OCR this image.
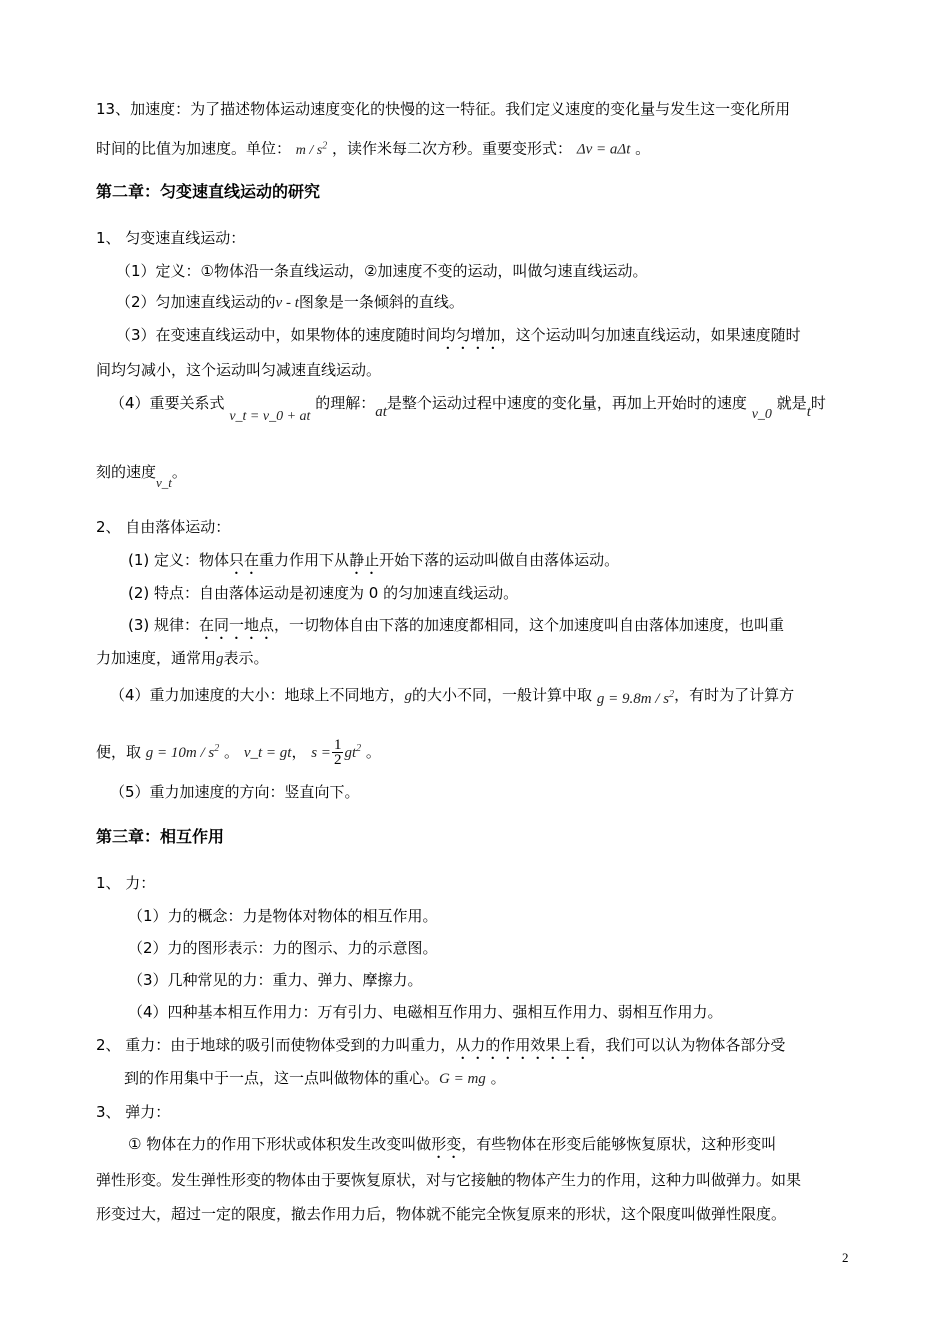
13、加速度：为了描述物体运动速度变化的快慢的这一特征。我们定义速度的变化量与发生这一变化所用
时间的比值为加速度。单位： m / $s^2$ ，读作米每二次方秒。重要变形式： Δv = aΔt 。
第二章：匀变速直线运动的研究
1、 匀变速直线运动：
（1）定义：①物体沿一条直线运动，②加速度不变的运动，叫做匀速直线运动。
（2）匀加速直线运动的v - t图象是一条倾斜的直线。
（3）在变速直线运动中，如果物体的速度随时间均匀增加，这个运动叫匀加速直线运动，如果速度随时
间均匀减小，这个运动叫匀减速直线运动。
（4）重要关系式 v_t = v_0 + at 的理解：at是整个运动过程中速度的变化量，再加上开始时的速度 v_0 就是t时
刻的速度v_t。
2、 自由落体运动：
(1) 定义：物体只在重力作用下从静止开始下落的运动叫做自由落体运动。
(2) 特点：自由落体运动是初速度为 0 的匀加速直线运动。
(3) 规律：在同一地点，一切物体自由下落的加速度都相同，这个加速度叫自由落体加速度，也叫重
力加速度，通常用g表示。
（4）重力加速度的大小：地球上不同地方，g的大小不同，一般计算中取 $g = 9.8m / s^2$，有时为了计算方
便，取 $g = 10m / s^2$ 。 v_t = gt， $s = \frac{1}{2} gt^2$ 。
（5）重力加速度的方向：竖直向下。
第三章：相互作用
1、 力：
（1）力的概念：力是物体对物体的相互作用。
（2）力的图形表示：力的图示、力的示意图。
（3）几种常见的力：重力、弹力、摩擦力。
（4）四种基本相互作用力：万有引力、电磁相互作用力、强相互作用力、弱相互作用力。
2、 重力：由于地球的吸引而使物体受到的力叫重力，从力的作用效果上看，我们可以认为物体各部分受
到的作用集中于一点，这一点叫做物体的重心。G = mg 。
3、 弹力：
① 物体在力的作用下形状或体积发生改变叫做形变，有些物体在形变后能够恢复原状，这种形变叫
弹性形变。发生弹性形变的物体由于要恢复原状，对与它接触的物体产生力的作用，这种力叫做弹力。如果
形变过大，超过一定的限度，撤去作用力后，物体就不能完全恢复原来的形状，这个限度叫做弹性限度。
2
